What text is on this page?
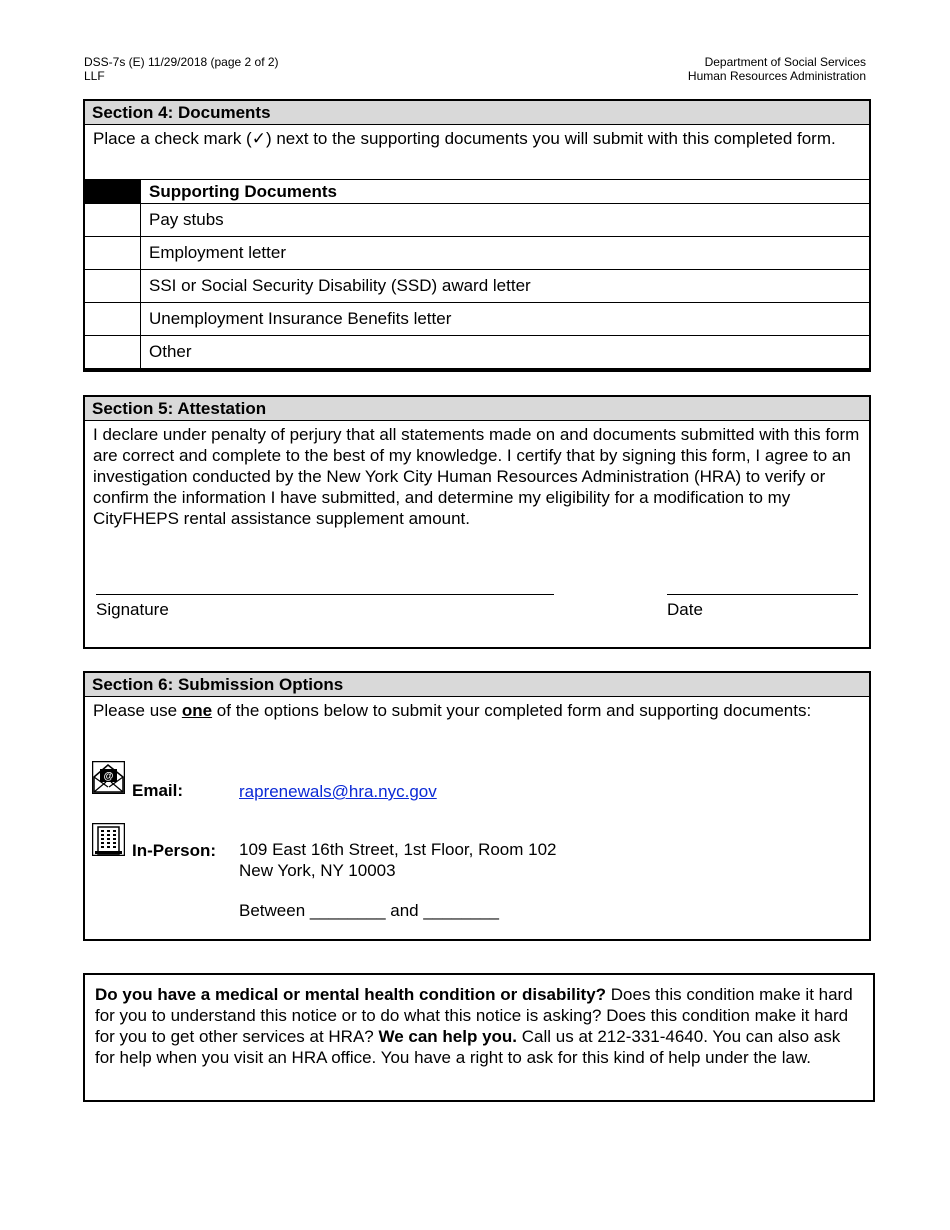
DSS-7s (E) 11/29/2018 (page 2 of 2)
LLF
Department of Social Services
Human Resources Administration
Section 4: Documents
Place a check mark (✓) next to the supporting documents you will submit with this completed form.
	Supporting Documents
	Pay stubs
	Employment letter
	SSI or Social Security Disability (SSD) award letter
	Unemployment Insurance Benefits letter
	Other
Section 5: Attestation
I declare under penalty of perjury that all statements made on and documents submitted with this form are correct and complete to the best of my knowledge. I certify that by signing this form, I agree to an investigation conducted by the New York City Human Resources Administration (HRA) to verify or confirm the information I have submitted, and determine my eligibility for a modification to my CityFHEPS rental assistance supplement amount.
Signature	Date
Section 6: Submission Options
Please use one of the options below to submit your completed form and supporting documents:
@
Email:	raprenewals@hra.nyc.gov
In-Person: 109 East 16th Street, 1st Floor, Room 102
New York, NY 10003
Between ________ and ________
Do you have a medical or mental health condition or disability? Does this condition make it hard for you to understand this notice or to do what this notice is asking? Does this condition make it hard for you to get other services at HRA? We can help you. Call us at 212-331-4640. You can also ask for help when you visit an HRA office. You have a right to ask for this kind of help under the law.
